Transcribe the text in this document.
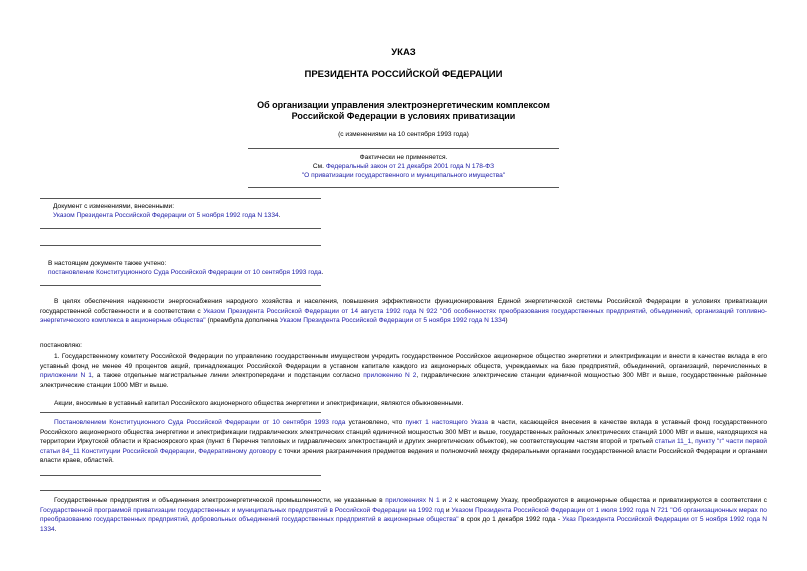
УКАЗ
ПРЕЗИДЕНТА РОССИЙСКОЙ ФЕДЕРАЦИИ
Об организации управления электроэнергетическим комплексом
Российской Федерации в условиях приватизации
(с изменениями на 10 сентября 1993 года)
Фактически не применяется.
См. Федеральный закон от 21 декабря 2001 года N 178-ФЗ
"О приватизации государственного и муниципального имущества"
Документ с изменениями, внесенными:
Указом Президента Российской Федерации от 5 ноября 1992 года N 1334.
В настоящем документе также учтено:
постановление Конституционного Суда Российской Федерации от 10 сентября 1993 года.
В целях обеспечения надежности энергоснабжения народного хозяйства и населения, повышения эффективности функционирования Единой энергетической системы Российской Федерации в условиях приватизации государственной собственности и в соответствии с Указом Президента Российской Федерации от 14 августа 1992 года N 922 "Об особенностях преобразования государственных предприятий, объединений, организаций топливно-энергетического комплекса в акционерные общества" (преамбула дополнена Указом Президента Российской Федерации от 5 ноября 1992 года N 1334)
постановляю:
1. Государственному комитету Российской Федерации по управлению государственным имуществом учредить государственное Российское акционерное общество энергетики и электрификации и внести в качестве вклада в его уставный фонд не менее 49 процентов акций, принадлежащих Российской Федерации в уставном капитале каждого из акционерных обществ, учреждаемых на базе предприятий, объединений, организаций, перечисленных в приложении N 1, а также отдельные магистральные линии электропередачи и подстанции согласно приложению N 2, гидравлические электрические станции единичной мощностью 300 МВт и выше, государственные районные электрические станции 1000 МВт и выше.
Акции, вносимые в уставный капитал Российского акционерного общества энергетики и электрификации, являются обыкновенными.
Постановлением Конституционного Суда Российской Федерации от 10 сентября 1993 года установлено, что пункт 1 настоящего Указа в части, касающейся внесения в качестве вклада в уставный фонд государственного Российского акционерного общества энергетики и электрификации гидравлических электрических станций единичной мощностью 300 МВт и выше, государственных районных электрических станций 1000 МВт и выше, находящихся на территории Иркутской области и Красноярского края (пункт 6 Перечня тепловых и гидравлических электростанций и других энергетических объектов), не соответствующим частям второй и третьей статьи 11_1, пункту "г" части первой статьи 84_11 Конституции Российской Федерации, Федеративному договору с точки зрения разграничения предметов ведения и полномочий между федеральными органами государственной власти Российской Федерации и органами власти краев, областей.
Государственные предприятия и объединения электроэнергетической промышленности, не указанные в приложениях N 1 и 2 к настоящему Указу, преобразуются в акционерные общества и приватизируются в соответствии с Государственной программой приватизации государственных и муниципальных предприятий в Российской Федерации на 1992 год и Указом Президента Российской Федерации от 1 июля 1992 года N 721 "Об организационных мерах по преобразованию государственных предприятий, добровольных объединений государственных предприятий в акционерные общества" в срок до 1 декабря 1992 года - Указ Президента Российской Федерации от 5 ноября 1992 года N 1334.
